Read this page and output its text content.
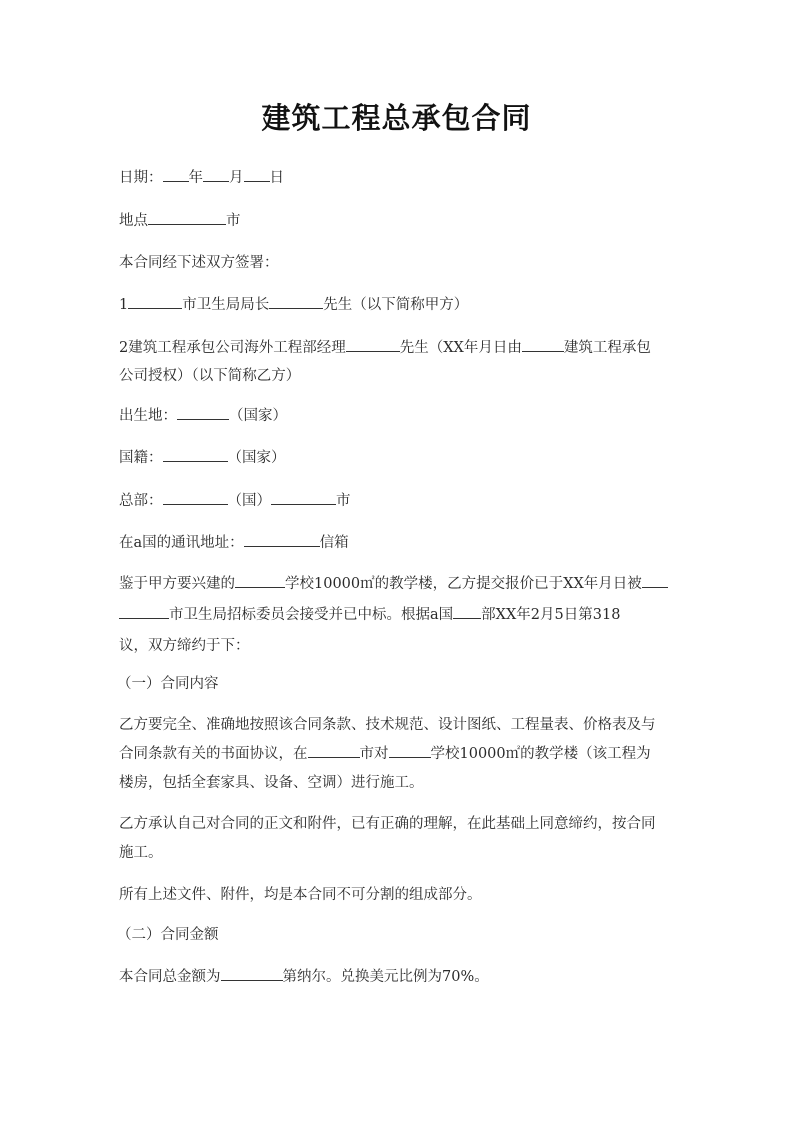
建筑工程总承包合同
日期： 年 月 日
地点	市
本合同经下述双方签署：
1	市卫生局局长	先生（以下简称甲方）
2建筑工程承包公司海外工程部经理	先生（XX年月日由	建筑工程承包
公司授权）（以下简称乙方）
出生地：	（国家）
国籍：	（国家）
总部：	（国）	市
在a国的通讯地址：	信箱
鉴于甲方要兴建的	学校10000㎡的教学楼，乙方提交报价已于XX年月日被
市卫生局招标委员会接受并已中标。根据a国 部XX年2月5日第318
议，双方缔约于下：
（一）合同内容
乙方要完全、准确地按照该合同条款、技术规范、设计图纸、工程量表、价格表及与
合同条款有关的书面协议，在	市对	学校10000㎡的教学楼（该工程为
楼房，包括全套家具、设备、空调）进行施工。
乙方承认自己对合同的正文和附件，已有正确的理解，在此基础上同意缔约，按合同
施工。
所有上述文件、附件，均是本合同不可分割的组成部分。
（二）合同金额
本合同总金额为	第纳尔。兑换美元比例为70%。
